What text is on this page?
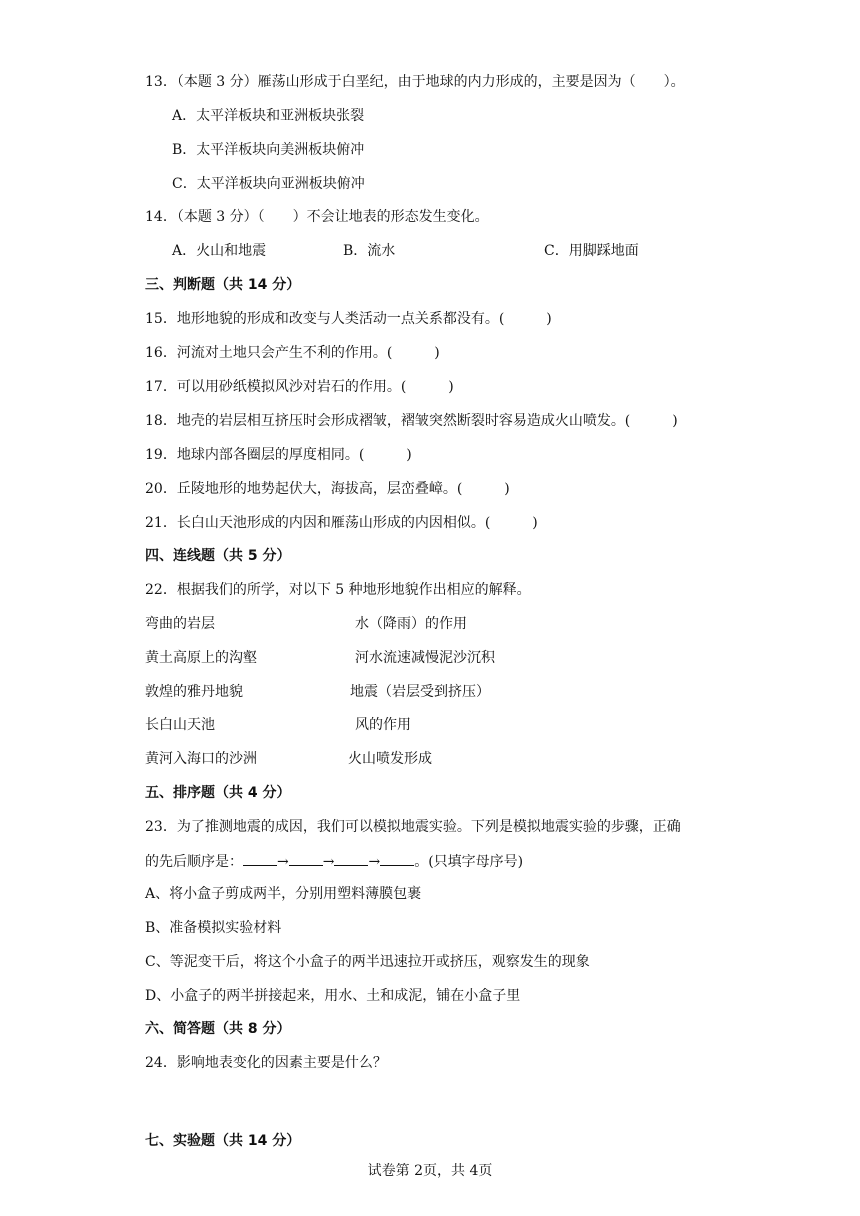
13．（本题 3 分）雁荡山形成于白垩纪，由于地球的内力形成的，主要是因为（　　）。
A．太平洋板块和亚洲板块张裂
B．太平洋板块向美洲板块俯冲
C．太平洋板块向亚洲板块俯冲
14．（本题 3 分）（　　）不会让地表的形态发生变化。
A．火山和地震	B．流水	C．用脚踩地面
三、判断题（共 14 分）
15．地形地貌的形成和改变与人类活动一点关系都没有。(　　　)
16．河流对土地只会产生不利的作用。(　　　)
17．可以用砂纸模拟风沙对岩石的作用。(　　　)
18．地壳的岩层相互挤压时会形成褶皱，褶皱突然断裂时容易造成火山喷发。(　　　)
19．地球内部各圈层的厚度相同。(　　　)
20．丘陵地形的地势起伏大，海拔高，层峦叠嶂。(　　　)
21．长白山天池形成的内因和雁荡山形成的内因相似。(　　　)
四、连线题（共 5 分）
22．根据我们的所学，对以下 5 种地形地貌作出相应的解释。
弯曲的岩层
黄土高原上的沟壑
敦煌的雅丹地貌
长白山天池
黄河入海口的沙洲
水（降雨）的作用
河水流速减慢泥沙沉积
地震（岩层受到挤压）
风的作用
火山喷发形成
五、排序题（共 4 分）
23．为了推测地震的成因，我们可以模拟地震实验。下列是模拟地震实验的步骤，正确
的先后顺序是： → → → 。(只填字母序号)
A、将小盒子剪成两半，分别用塑料薄膜包裹
B、准备模拟实验材料
C、等泥变干后，将这个小盒子的两半迅速拉开或挤压，观察发生的现象
D、小盒子的两半拼接起来，用水、土和成泥，铺在小盒子里
六、简答题（共 8 分）
24．影响地表变化的因素主要是什么？
七、实验题（共 14 分）
试卷第 2页，共 4页
